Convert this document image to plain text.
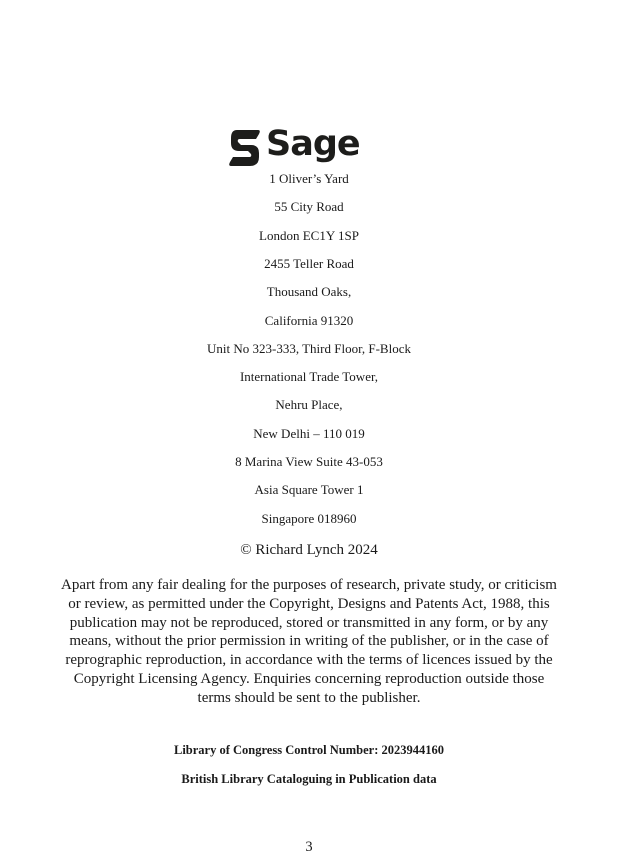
Sage
1 Oliver’s Yard
55 City Road
London EC1Y 1SP
2455 Teller Road
Thousand Oaks,
California 91320
Unit No 323-333, Third Floor, F-Block
International Trade Tower,
Nehru Place,
New Delhi – 110 019
8 Marina View Suite 43-053
Asia Square Tower 1
Singapore 018960
© Richard Lynch 2024

Apart from any fair dealing for the purposes of research, private study, or criticism or review, as permitted under the Copyright, Designs and Patents Act, 1988, this publication may not be reproduced, stored or transmitted in any form, or by any means, without the prior permission in writing of the publisher, or in the case of reprographic reproduction, in accordance with the terms of licences issued by the Copyright Licensing Agency. Enquiries concerning reproduction outside those terms should be sent to the publisher.

Library of Congress Control Number: 2023944160
British Library Cataloguing in Publication data
3
